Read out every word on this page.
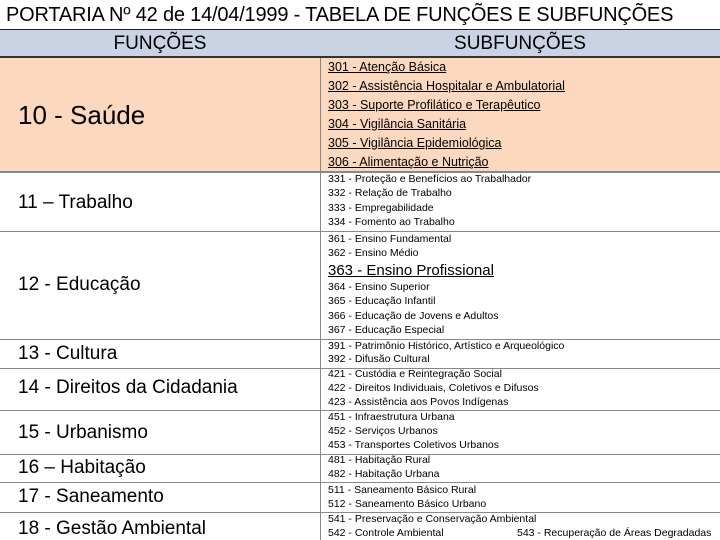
PORTARIA Nº 42 de 14/04/1999 - TABELA DE FUNÇÕES E SUBFUNÇÕES
FUNÇÕES	SUBFUNÇÕES
10 - Saúde
11 – Trabalho
12 - Educação
13 - Cultura
14 - Direitos da Cidadania
15 - Urbanismo
16 – Habitação
17 - Saneamento
18 - Gestão Ambiental
301 - Atenção Básica
302 - Assistência Hospitalar e Ambulatorial
303 - Suporte Profilático e Terapêutico
304 - Vigilância Sanitária
305 - Vigilância Epidemiológica
306 - Alimentação e Nutrição
331 - Proteção e Benefícios ao Trabalhador
332 - Relação de Trabalho
333 - Empregabilidade
334 - Fomento ao Trabalho
361 - Ensino Fundamental
362 - Ensino Médio
363 - Ensino Profissional
364 - Ensino Superior
365 - Educação Infantil
366 - Educação de Jovens e Adultos
367 - Educação Especial
391 - Patrimônio Histórico, Artístico e Arqueológico
392 - Difusão Cultural
421 - Custódia e Reintegração Social
422 - Direitos Individuais, Coletivos e Difusos
423 - Assistência aos Povos Indígenas
451 - Infraestrutura Urbana
452 - Serviços Urbanos
453 - Transportes Coletivos Urbanos
481 - Habitação Rural
482 - Habitação Urbana
511 - Saneamento Básico Rural
512 - Saneamento Básico Urbano
541 - Preservação e Conservação Ambiental
542 - Controle Ambiental	543 - Recuperação de Áreas Degradadas
